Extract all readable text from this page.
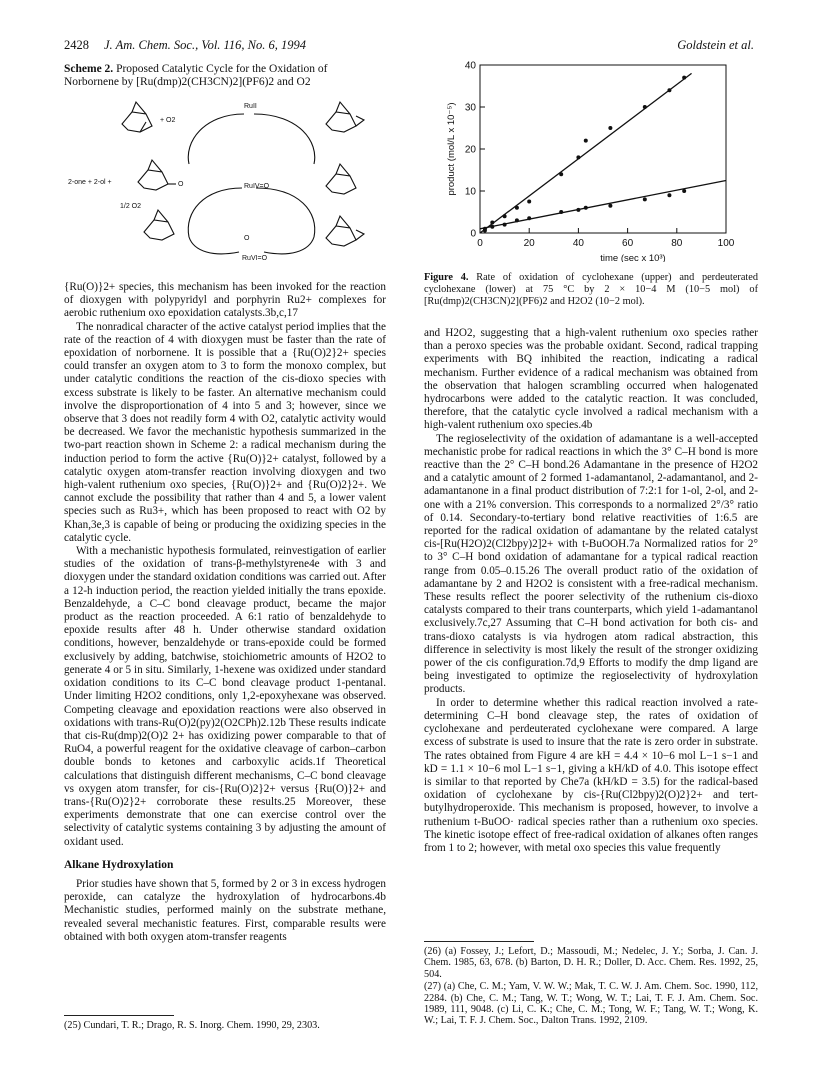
2428 J. Am. Chem. Soc., Vol. 116, No. 6, 1994	Goldstein et al.
Scheme 2. Proposed Catalytic Cycle for the Oxidation of Norbornene by [Ru(dmp)2(CH3CN)2](PF6)2 and O2
+ O2
RuII
2-one + 2-ol +
RuIV=O
1/2 O2
RuVI=O
O
O
0	20	40	60	80	100
0
10
20
30
40
time (sec x 10³)
product (mol/L x 10⁻⁵)
Figure 4. Rate of oxidation of cyclohexane (upper) and perdeuterated cyclohexane (lower) at 75 °C by 2 × 10−4 M (10−5 mol) of [Ru(dmp)2(CH3CN)2](PF6)2 and H2O2 (10−2 mol).

{Ru(O)}2+ species, this mechanism has been invoked for the reaction of dioxygen with polypyridyl and porphyrin Ru2+ complexes for aerobic ruthenium oxo epoxidation catalysts.3b,c,17

The nonradical character of the active catalyst period implies that the rate of the reaction of 4 with dioxygen must be faster than the rate of epoxidation of norbornene. It is possible that a {Ru(O)2}2+ species could transfer an oxygen atom to 3 to form the monoxo complex, but under catalytic conditions the reaction of the cis-dioxo species with excess substrate is likely to be faster. An alternative mechanism could involve the disproportionation of 4 into 5 and 3; however, since we observe that 3 does not readily form 4 with O2, catalytic activity would be decreased. We favor the mechanistic hypothesis summarized in the two-part reaction shown in Scheme 2: a radical mechanism during the induction period to form the active {Ru(O)}2+ catalyst, followed by a catalytic oxygen atom-transfer reaction involving dioxygen and two high-valent ruthenium oxo species, {Ru(O)}2+ and {Ru(O)2}2+. We cannot exclude the possibility that rather than 4 and 5, a lower valent species such as Ru3+, which has been proposed to react with O2 by Khan,3e,3 is capable of being or producing the oxidizing species in the catalytic cycle.

With a mechanistic hypothesis formulated, reinvestigation of earlier studies of the oxidation of trans-β-methylstyrene4e with 3 and dioxygen under the standard oxidation conditions was carried out. After a 12-h induction period, the reaction yielded initially the trans epoxide. Benzaldehyde, a C–C bond cleavage product, became the major product as the reaction proceeded. A 6:1 ratio of benzaldehyde to epoxide results after 48 h. Under otherwise standard oxidation conditions, however, benzaldehyde or trans-epoxide could be formed exclusively by adding, batchwise, stoichiometric amounts of H2O2 to generate 4 or 5 in situ. Similarly, 1-hexene was oxidized under standard oxidation conditions to its C–C bond cleavage product 1-pentanal. Under limiting H2O2 conditions, only 1,2-epoxyhexane was observed. Competing cleavage and epoxidation reactions were also observed in oxidations with trans-Ru(O)2(py)2(O2CPh)2.12b These results indicate that cis-Ru(dmp)2(O)2 2+ has oxidizing power comparable to that of RuO4, a powerful reagent for the oxidative cleavage of carbon–carbon double bonds to ketones and carboxylic acids.1f Theoretical calculations that distinguish different mechanisms, C–C bond cleavage vs oxygen atom transfer, for cis-{Ru(O)2}2+ versus {Ru(O)}2+ and trans-{Ru(O)2}2+ corroborate these results.25 Moreover, these experiments demonstrate that one can exercise control over the selectivity of catalytic systems containing 3 by adjusting the amount of oxidant used.

Alkane Hydroxylation

Prior studies have shown that 5, formed by 2 or 3 in excess hydrogen peroxide, can catalyze the hydroxylation of hydrocarbons.4b Mechanistic studies, performed mainly on the substrate methane, revealed several mechanistic features. First, comparable results were obtained with both oxygen atom-transfer reagents

and H2O2, suggesting that a high-valent ruthenium oxo species rather than a peroxo species was the probable oxidant. Second, radical trapping experiments with BQ inhibited the reaction, indicating a radical mechanism. Further evidence of a radical mechanism was obtained from the observation that halogen scrambling occurred when halogenated hydrocarbons were added to the catalytic reaction. It was concluded, therefore, that the catalytic cycle involved a radical mechanism with a high-valent ruthenium oxo species.4b

The regioselectivity of the oxidation of adamantane is a well-accepted mechanistic probe for radical reactions in which the 3° C–H bond is more reactive than the 2° C–H bond.26 Adamantane in the presence of H2O2 and a catalytic amount of 2 formed 1-adamantanol, 2-adamantanol, and 2-adamantanone in a final product distribution of 7:2:1 for 1-ol, 2-ol, and 2-one with a 21% conversion. This corresponds to a normalized 2°/3° ratio of 0.14. Secondary-to-tertiary bond relative reactivities of 1:6.5 are reported for the radical oxidation of adamantane by the related catalyst cis-[Ru(H2O)2(Cl2bpy)2]2+ with t-BuOOH.7a Normalized ratios for 2° to 3° C–H bond oxidation of adamantane for a typical radical reaction range from 0.05–0.15.26 The overall product ratio of the oxidation of adamantane by 2 and H2O2 is consistent with a free-radical mechanism. These results reflect the poorer selectivity of the ruthenium cis-dioxo catalysts compared to their trans counterparts, which yield 1-adamantanol exclusively.7c,27 Assuming that C–H bond activation for both cis- and trans-dioxo catalysts is via hydrogen atom radical abstraction, this difference in selectivity is most likely the result of the stronger oxidizing power of the cis configuration.7d,9 Efforts to modify the dmp ligand are being investigated to optimize the regioselectivity of hydroxylation products.

In order to determine whether this radical reaction involved a rate-determining C–H bond cleavage step, the rates of oxidation of cyclohexane and perdeuterated cyclohexane were compared. A large excess of substrate is used to insure that the rate is zero order in substrate. The rates obtained from Figure 4 are kH = 4.4 × 10−6 mol L−1 s−1 and kD = 1.1 × 10−6 mol L−1 s−1, giving a kH/kD of 4.0. This isotope effect is similar to that reported by Che7a (kH/kD = 3.5) for the radical-based oxidation of cyclohexane by cis-{Ru(Cl2bpy)2(O)2}2+ and tert-butylhydroperoxide. This mechanism is proposed, however, to involve a ruthenium t-BuOO· radical species rather than a ruthenium oxo species. The kinetic isotope effect of free-radical oxidation of alkanes often ranges from 1 to 2; however, with metal oxo species this value frequently

(25) Cundari, T. R.; Drago, R. S. Inorg. Chem. 1990, 29, 2303.

(26) (a) Fossey, J.; Lefort, D.; Massoudi, M.; Nedelec, J. Y.; Sorba, J. Can. J. Chem. 1985, 63, 678. (b) Barton, D. H. R.; Doller, D. Acc. Chem. Res. 1992, 25, 504.

(27) (a) Che, C. M.; Yam, V. W. W.; Mak, T. C. W. J. Am. Chem. Soc. 1990, 112, 2284. (b) Che, C. M.; Tang, W. T.; Wong, W. T.; Lai, T. F. J. Am. Chem. Soc. 1989, 111, 9048. (c) Li, C. K.; Che, C. M.; Tong, W. F.; Tang, W. T.; Wong, K. W.; Lai, T. F. J. Chem. Soc., Dalton Trans. 1992, 2109.
